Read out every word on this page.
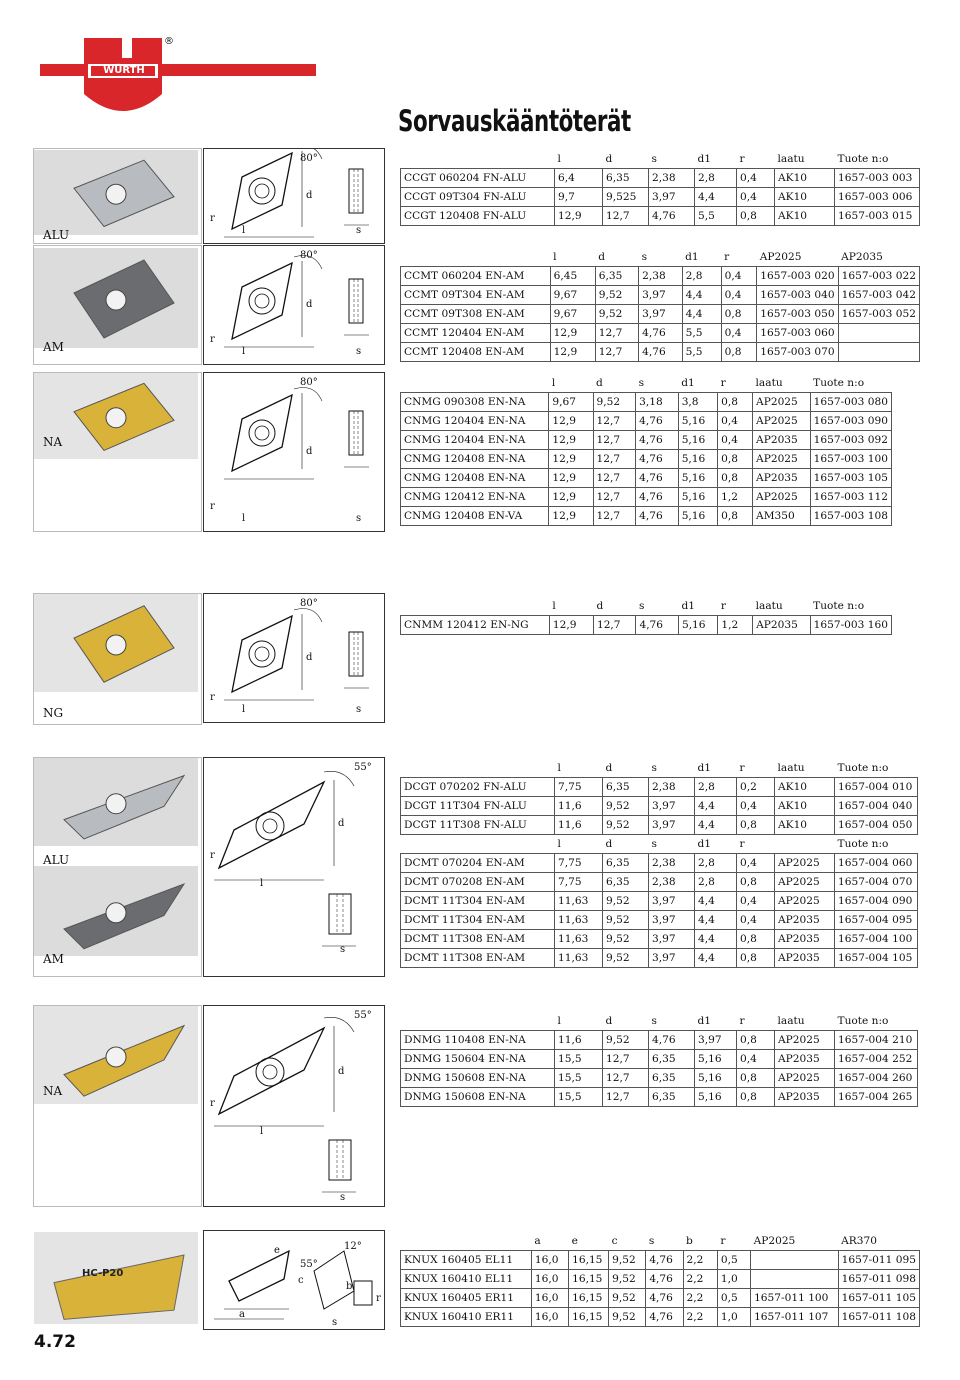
WÜRTH
®
Sorvauskääntöterät
ALU
r
l
d
s
80°
		l	d	s	d1	r	laatu	Tuote n:o
CCGT 060204 FN-ALU	6,4	6,35	2,38	2,8	0,4	AK10	1657-003 003
CCGT 09T304 FN-ALU	9,7	9,525	3,97	4,4	0,4	AK10	1657-003 006
CCGT 120408 FN-ALU	12,9	12,7	4,76	5,5	0,8	AK10	1657-003 015
AM
r
l
d
s
80°
		l	d	s	d1	r	AP2025	AP2035
CCMT 060204 EN-AM	6,45	6,35	2,38	2,8	0,4	1657-003 020	1657-003 022
CCMT 09T304 EN-AM	9,67	9,52	3,97	4,4	0,4	1657-003 040	1657-003 042
CCMT 09T308 EN-AM	9,67	9,52	3,97	4,4	0,8	1657-003 050	1657-003 052
CCMT 120404 EN-AM	12,9	12,7	4,76	5,5	0,4	1657-003 060	
CCMT 120408 EN-AM	12,9	12,7	4,76	5,5	0,8	1657-003 070	
NA
r
l
d
s
80°
		l	d	s	d1	r	laatu	Tuote n:o
CNMG 090308 EN-NA	9,67	9,52	3,18	3,8	0,8	AP2025	1657-003 080
CNMG 120404 EN-NA	12,9	12,7	4,76	5,16	0,4	AP2025	1657-003 090
CNMG 120404 EN-NA	12,9	12,7	4,76	5,16	0,4	AP2035	1657-003 092
CNMG 120408 EN-NA	12,9	12,7	4,76	5,16	0,8	AP2025	1657-003 100
CNMG 120408 EN-NA	12,9	12,7	4,76	5,16	0,8	AP2035	1657-003 105
CNMG 120412 EN-NA	12,9	12,7	4,76	5,16	1,2	AP2025	1657-003 112
CNMG 120408 EN-VA	12,9	12,7	4,76	5,16	0,8	AM350	1657-003 108
NG
r
l
d
s
80°
		l	d	s	d1	r	laatu	Tuote n:o
CNMM 120412 EN-NG	12,9	12,7	4,76	5,16	1,2	AP2035	1657-003 160
ALU
AM
r
l
d
s
55°
		l	d	s	d1	r	laatu	Tuote n:o
DCGT 070202 FN-ALU	7,75	6,35	2,38	2,8	0,2	AK10	1657-004 010
DCGT 11T304 FN-ALU	11,6	9,52	3,97	4,4	0,4	AK10	1657-004 040
DCGT 11T308 FN-ALU	11,6	9,52	3,97	4,4	0,8	AK10	1657-004 050
	l	d	s	d1	r		Tuote n:o
DCMT 070204 EN-AM	7,75	6,35	2,38	2,8	0,4	AP2025	1657-004 060
DCMT 070208 EN-AM	7,75	6,35	2,38	2,8	0,8	AP2025	1657-004 070
DCMT 11T304 EN-AM	11,63	9,52	3,97	4,4	0,4	AP2025	1657-004 090
DCMT 11T304 EN-AM	11,63	9,52	3,97	4,4	0,4	AP2035	1657-004 095
DCMT 11T308 EN-AM	11,63	9,52	3,97	4,4	0,8	AP2035	1657-004 100
DCMT 11T308 EN-AM	11,63	9,52	3,97	4,4	0,8	AP2035	1657-004 105
NA
r
l
d
s
55°
		l	d	s	d1	r	laatu	Tuote n:o
DNMG 110408 EN-NA	11,6	9,52	4,76	3,97	0,8	AP2025	1657-004 210
DNMG 150604 EN-NA	15,5	12,7	6,35	5,16	0,4	AP2035	1657-004 252
DNMG 150608 EN-NA	15,5	12,7	6,35	5,16	0,8	AP2025	1657-004 260
DNMG 150608 EN-NA	15,5	12,7	6,35	5,16	0,8	AP2035	1657-004 265
HC-P20
a
e
c
s
b
r
12°
55°
	a	e	c	s	b	r	AP2025	AR370
KNUX 160405 EL11	16,0	16,15	9,52	4,76	2,2	0,5		1657-011 095
KNUX 160410 EL11	16,0	16,15	9,52	4,76	2,2	1,0		1657-011 098
KNUX 160405 ER11	16,0	16,15	9,52	4,76	2,2	0,5	1657-011 100	1657-011 105
KNUX 160410 ER11	16,0	16,15	9,52	4,76	2,2	1,0	1657-011 107	1657-011 108
4.72
